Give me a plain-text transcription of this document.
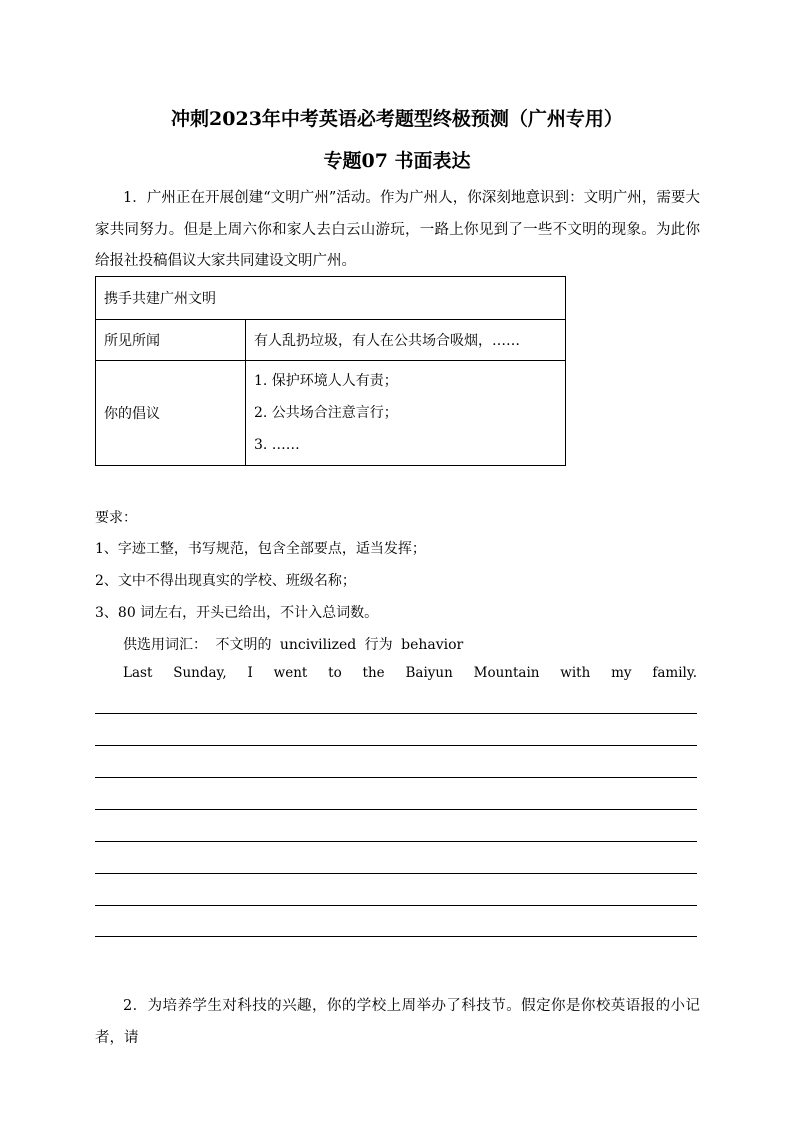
冲刺2023年中考英语必考题型终极预测（广州专用）
专题07 书面表达

1．广州正在开展创建“文明广州”活动。作为广州人，你深刻地意识到：文明广州，需要大家共同努力。但是上周六你和家人去白云山游玩，一路上你见到了一些不文明的现象。为此你给报社投稿倡议大家共同建设文明广州。

携手共建广州文明	
所见所闻	有人乱扔垃圾，有人在公共场合吸烟，……
你的倡议	1. 保护环境人人有责；
2. 公共场合注意言行；
3. ……

要求：

1、字迹工整，书写规范，包含全部要点，适当发挥；

2、文中不得出现真实的学校、班级名称；

3、80 词左右，开头已给出，不计入总词数。

供选用词汇： 不文明的 uncivilized 行为 behavior

Last Sunday, I went to the Baiyun Mountain with my family.

2．为培养学生对科技的兴趣，你的学校上周举办了科技节。假定你是你校英语报的小记者，请
